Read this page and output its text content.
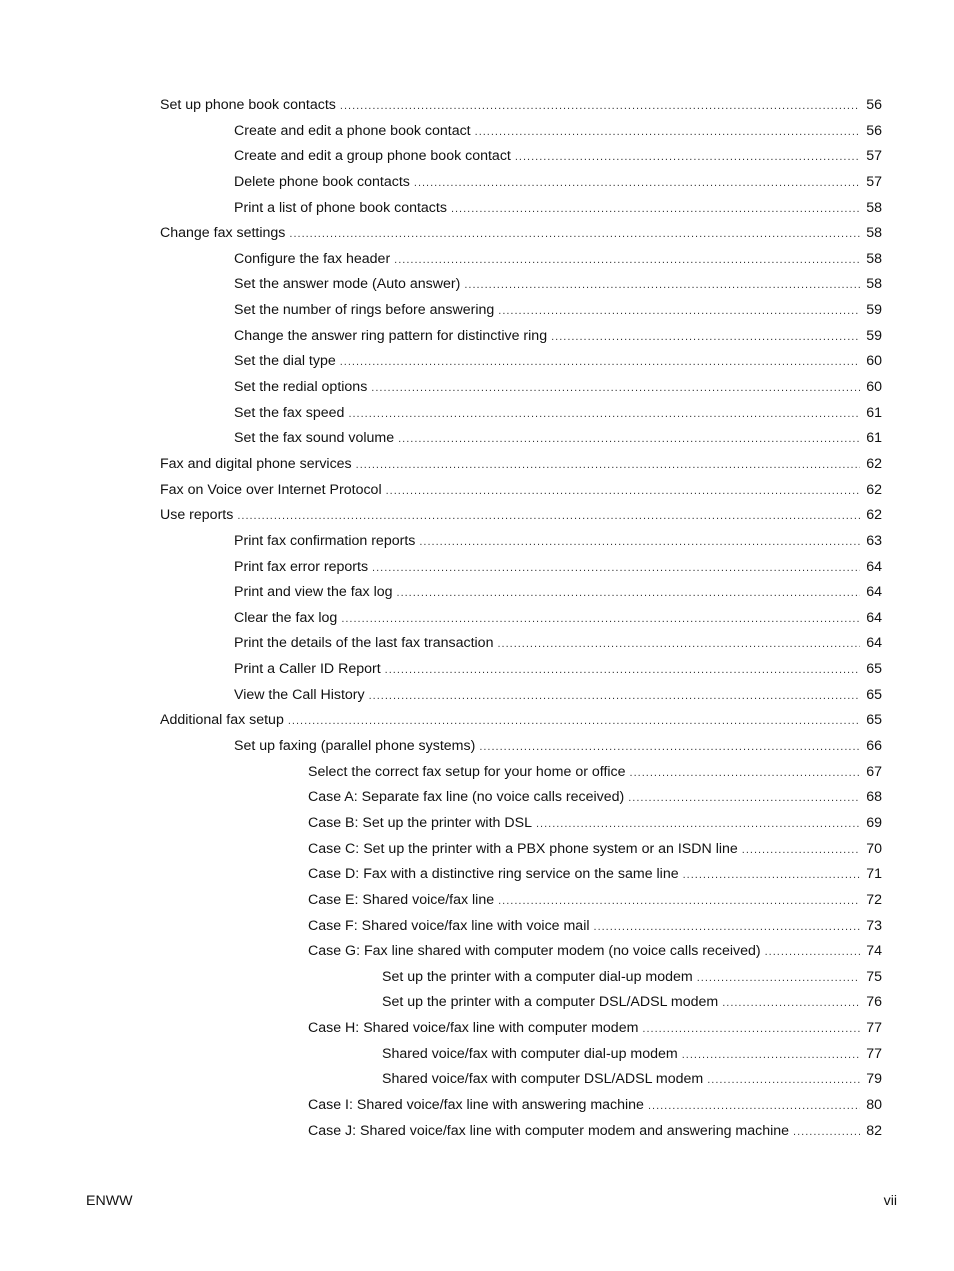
Set up phone book contacts .....	56
Create and edit a phone book contact .....	56
Create and edit a group phone book contact .....	57
Delete phone book contacts .....	57
Print a list of phone book contacts .....	58
Change fax settings .....	58
Configure the fax header .....	58
Set the answer mode (Auto answer) .....	58
Set the number of rings before answering .....	59
Change the answer ring pattern for distinctive ring .....	59
Set the dial type .....	60
Set the redial options .....	60
Set the fax speed .....	61
Set the fax sound volume .....	61
Fax and digital phone services .....	62
Fax on Voice over Internet Protocol .....	62
Use reports .....	62
Print fax confirmation reports .....	63
Print fax error reports .....	64
Print and view the fax log .....	64
Clear the fax log .....	64
Print the details of the last fax transaction .....	64
Print a Caller ID Report .....	65
View the Call History .....	65
Additional fax setup .....	65
Set up faxing (parallel phone systems) .....	66
Select the correct fax setup for your home or office .....	67
Case A: Separate fax line (no voice calls received) .....	68
Case B: Set up the printer with DSL .....	69
Case C: Set up the printer with a PBX phone system or an ISDN line .....	70
Case D: Fax with a distinctive ring service on the same line .....	71
Case E: Shared voice/fax line .....	72
Case F: Shared voice/fax line with voice mail .....	73
Case G: Fax line shared with computer modem (no voice calls received) .....	74
Set up the printer with a computer dial-up modem .....	75
Set up the printer with a computer DSL/ADSL modem .....	76
Case H: Shared voice/fax line with computer modem .....	77
Shared voice/fax with computer dial-up modem .....	77
Shared voice/fax with computer DSL/ADSL modem .....	79
Case I: Shared voice/fax line with answering machine .....	80
Case J: Shared voice/fax line with computer modem and answering machine .....	82
ENWW	vii
